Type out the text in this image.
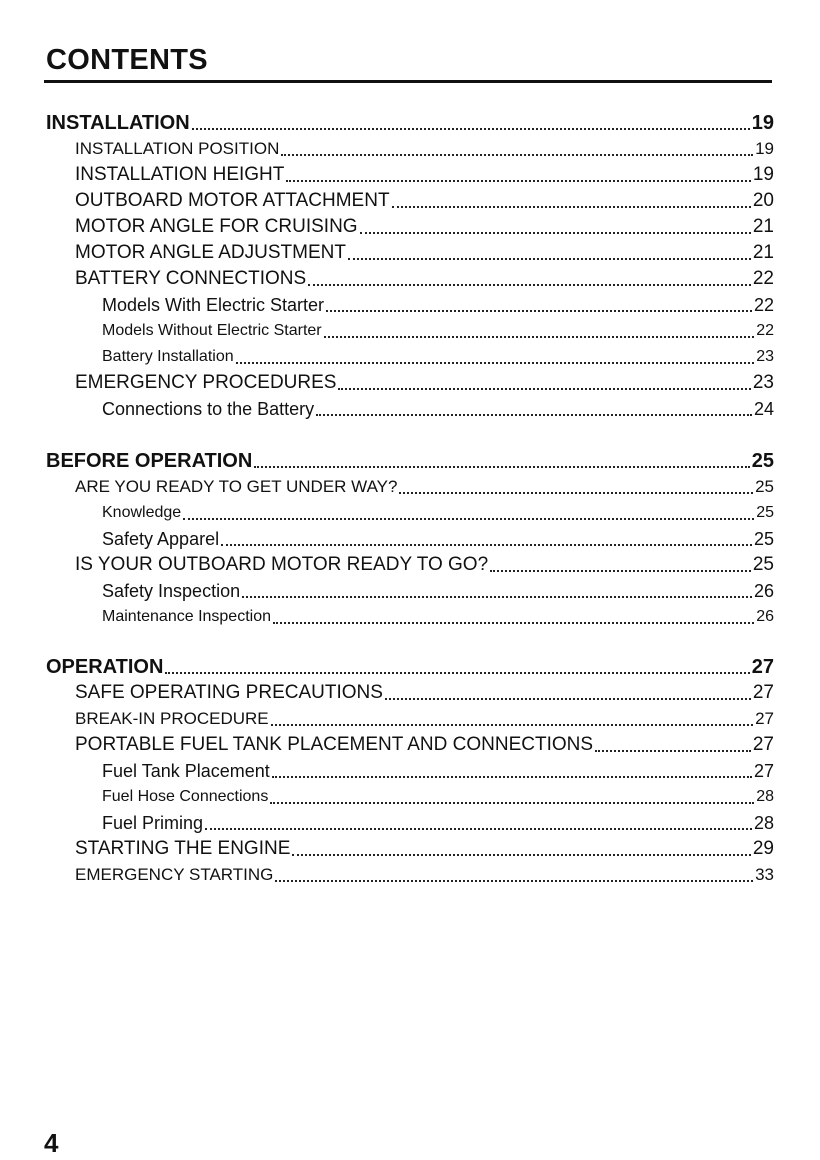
CONTENTS
INSTALLATION	19
INSTALLATION POSITION	19
INSTALLATION HEIGHT	19
OUTBOARD MOTOR ATTACHMENT	20
MOTOR ANGLE FOR CRUISING	21
MOTOR ANGLE ADJUSTMENT	21
BATTERY CONNECTIONS	22
Models With Electric Starter	22
Models Without Electric Starter	22
Battery Installation	23
EMERGENCY PROCEDURES	23
Connections to the Battery	24
BEFORE OPERATION	25
ARE YOU READY TO GET UNDER WAY?	25
Knowledge	25
Safety Apparel	25
IS YOUR OUTBOARD MOTOR READY TO GO?	25
Safety Inspection	26
Maintenance Inspection	26
OPERATION	27
SAFE OPERATING PRECAUTIONS	27
BREAK-IN PROCEDURE	27
PORTABLE FUEL TANK PLACEMENT AND CONNECTIONS	27
Fuel Tank Placement	27
Fuel Hose Connections	28
Fuel Priming	28
STARTING THE ENGINE	29
EMERGENCY STARTING	33
4
